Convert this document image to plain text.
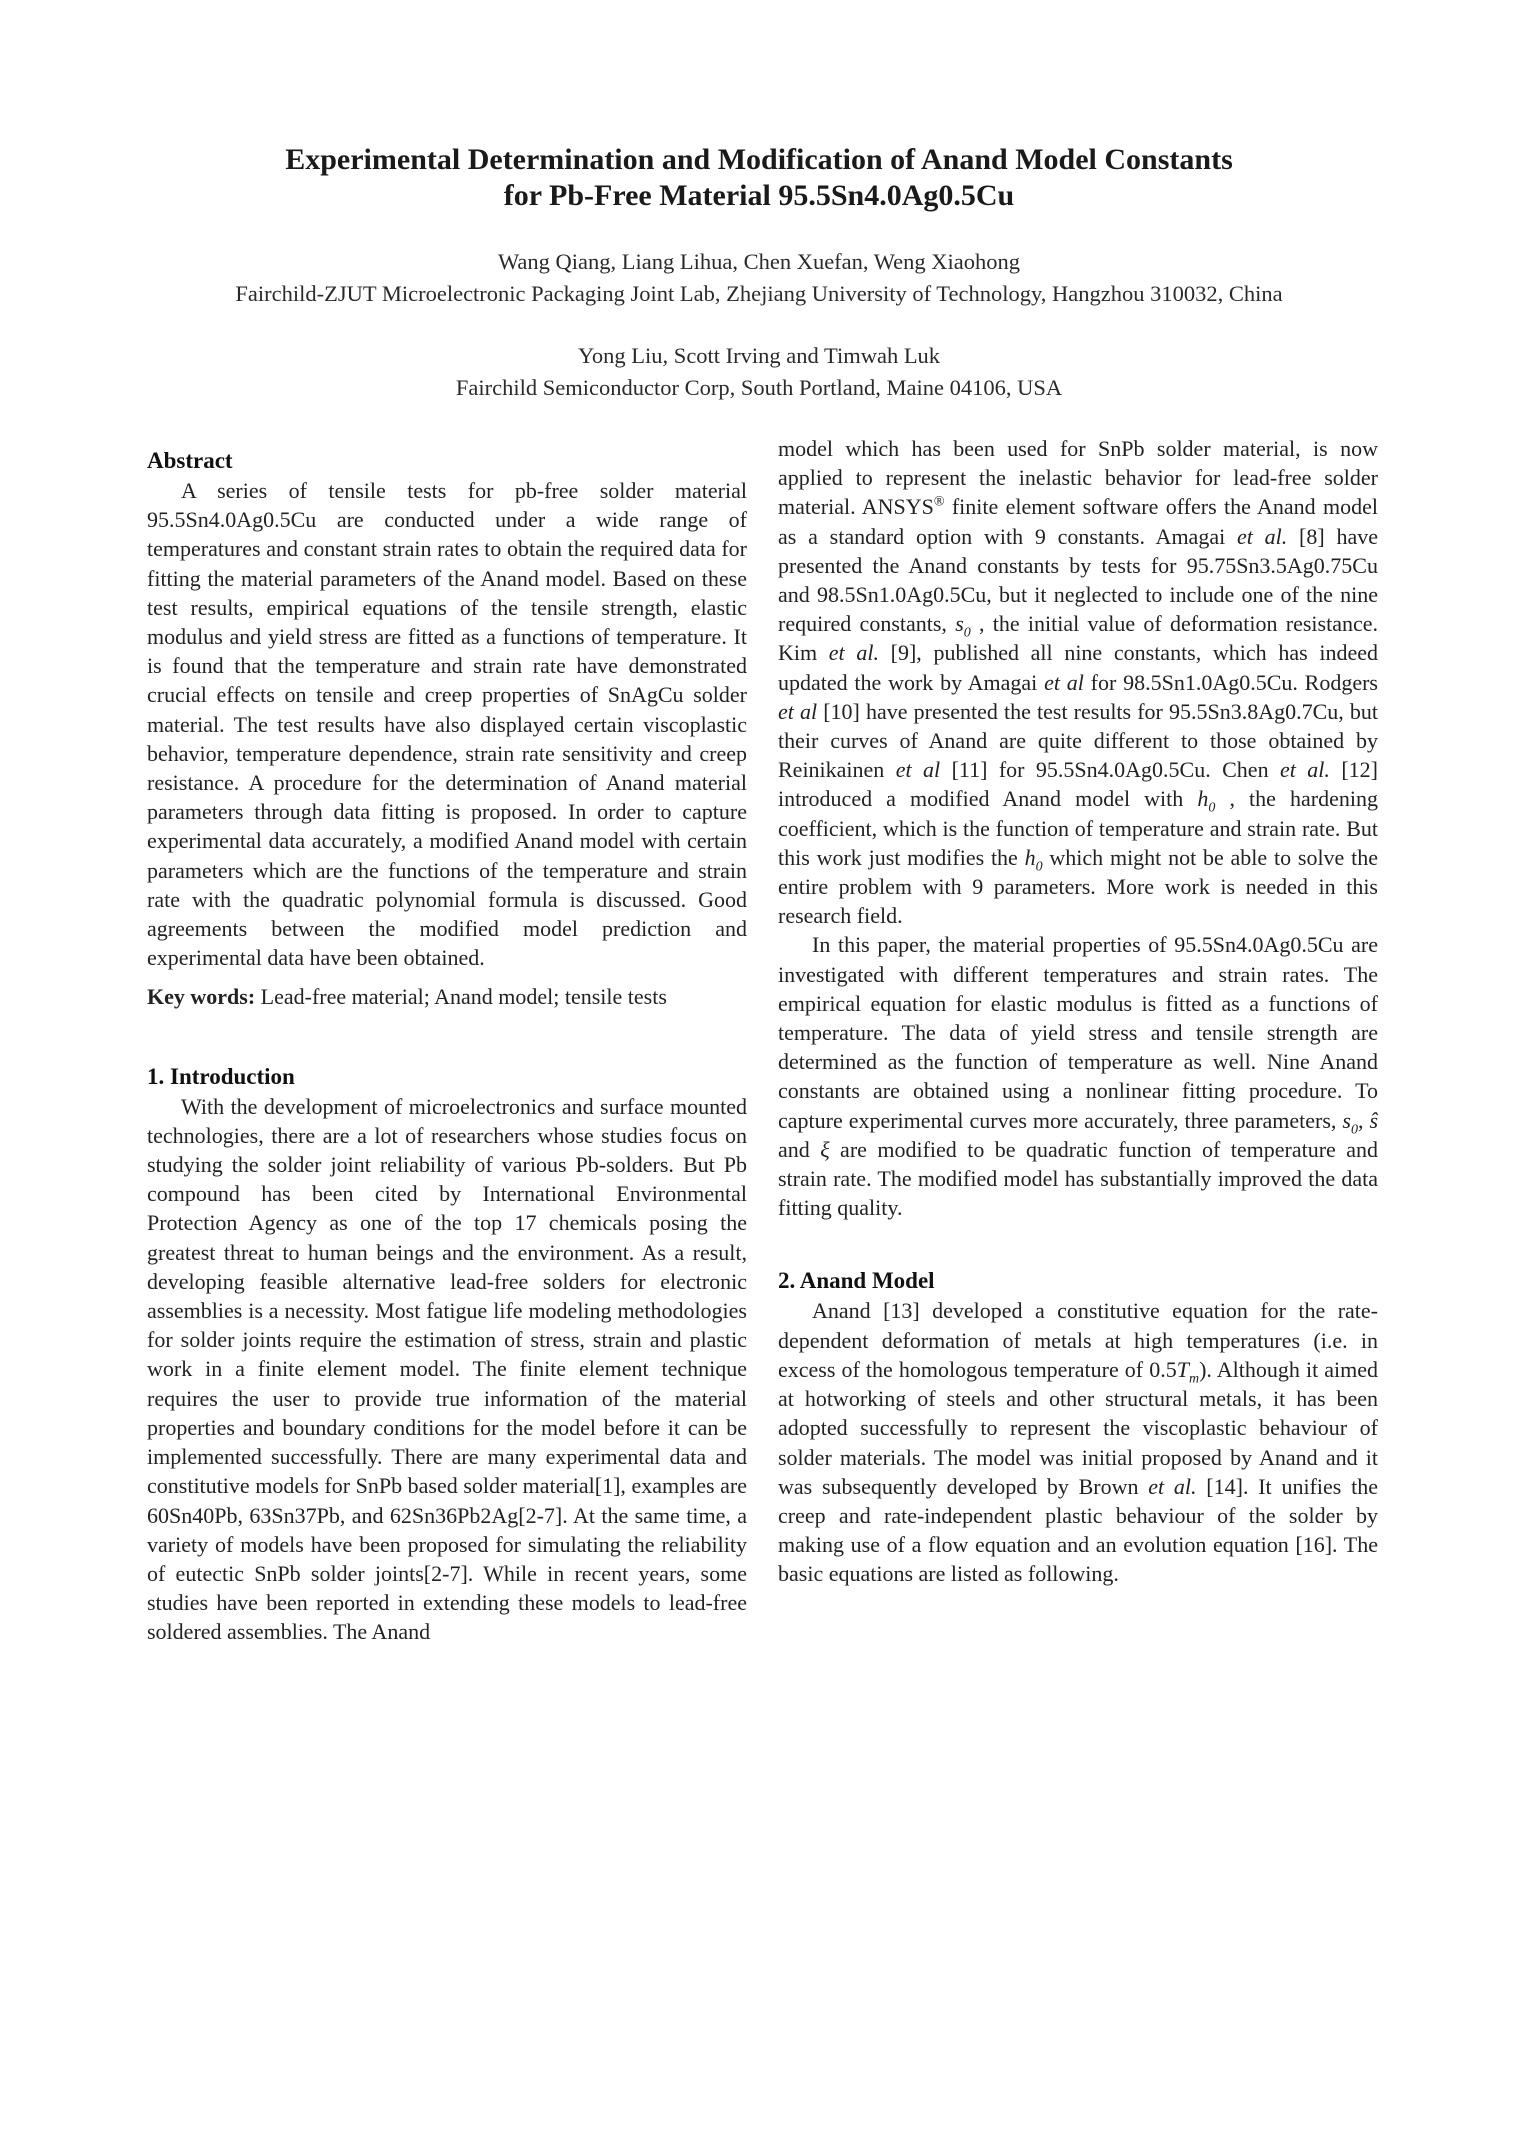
Experimental Determination and Modification of Anand Model Constants
for Pb-Free Material 95.5Sn4.0Ag0.5Cu
Wang Qiang, Liang Lihua, Chen Xuefan, Weng Xiaohong
Fairchild-ZJUT Microelectronic Packaging Joint Lab, Zhejiang University of Technology, Hangzhou 310032, China
Yong Liu, Scott Irving and Timwah Luk
Fairchild Semiconductor Corp, South Portland, Maine 04106, USA
Abstract

A series of tensile tests for pb-free solder material 95.5Sn4.0Ag0.5Cu are conducted under a wide range of temperatures and constant strain rates to obtain the required data for fitting the material parameters of the Anand model. Based on these test results, empirical equations of the tensile strength, elastic modulus and yield stress are fitted as a functions of temperature. It is found that the temperature and strain rate have demonstrated crucial effects on tensile and creep properties of SnAgCu solder material. The test results have also displayed certain viscoplastic behavior, temperature dependence, strain rate sensitivity and creep resistance. A procedure for the determination of Anand material parameters through data fitting is proposed. In order to capture experimental data accurately, a modified Anand model with certain parameters which are the functions of the temperature and strain rate with the quadratic polynomial formula is discussed. Good agreements between the modified model prediction and experimental data have been obtained.

Key words: Lead-free material; Anand model; tensile tests

1. Introduction

With the development of microelectronics and surface mounted technologies, there are a lot of researchers whose studies focus on studying the solder joint reliability of various Pb-solders. But Pb compound has been cited by International Environmental Protection Agency as one of the top 17 chemicals posing the greatest threat to human beings and the environment. As a result, developing feasible alternative lead-free solders for electronic assemblies is a necessity. Most fatigue life modeling methodologies for solder joints require the estimation of stress, strain and plastic work in a finite element model. The finite element technique requires the user to provide true information of the material properties and boundary conditions for the model before it can be implemented successfully. There are many experimental data and constitutive models for SnPb based solder material[1], examples are 60Sn40Pb, 63Sn37Pb, and 62Sn36Pb2Ag[2-7]. At the same time, a variety of models have been proposed for simulating the reliability of eutectic SnPb solder joints[2-7]. While in recent years, some studies have been reported in extending these models to lead-free soldered assemblies. The Anand

model which has been used for SnPb solder material, is now applied to represent the inelastic behavior for lead-free solder material. ANSYS® finite element software offers the Anand model as a standard option with 9 constants. Amagai et al. [8] have presented the Anand constants by tests for 95.75Sn3.5Ag0.75Cu and 98.5Sn1.0Ag0.5Cu, but it neglected to include one of the nine required constants, $s_0$ , the initial value of deformation resistance. Kim et al. [9], published all nine constants, which has indeed updated the work by Amagai et al for 98.5Sn1.0Ag0.5Cu. Rodgers et al [10] have presented the test results for 95.5Sn3.8Ag0.7Cu, but their curves of Anand are quite different to those obtained by Reinikainen et al [11] for 95.5Sn4.0Ag0.5Cu. Chen et al. [12] introduced a modified Anand model with $h_0$ , the hardening coefficient, which is the function of temperature and strain rate. But this work just modifies the $h_0$ which might not be able to solve the entire problem with 9 parameters. More work is needed in this research field.

In this paper, the material properties of 95.5Sn4.0Ag0.5Cu are investigated with different temperatures and strain rates. The empirical equation for elastic modulus is fitted as a functions of temperature. The data of yield stress and tensile strength are determined as the function of temperature as well. Nine Anand constants are obtained using a nonlinear fitting procedure. To capture experimental curves more accurately, three parameters, $s_0$, ŝ and ξ are modified to be quadratic function of temperature and strain rate. The modified model has substantially improved the data fitting quality.

2. Anand Model

Anand [13] developed a constitutive equation for the rate-dependent deformation of metals at high temperatures (i.e. in excess of the homologous temperature of $0.5T_m$). Although it aimed at hotworking of steels and other structural metals, it has been adopted successfully to represent the viscoplastic behaviour of solder materials. The model was initial proposed by Anand and it was subsequently developed by Brown et al. [14]. It unifies the creep and rate-independent plastic behaviour of the solder by making use of a flow equation and an evolution equation [16]. The basic equations are listed as following.
